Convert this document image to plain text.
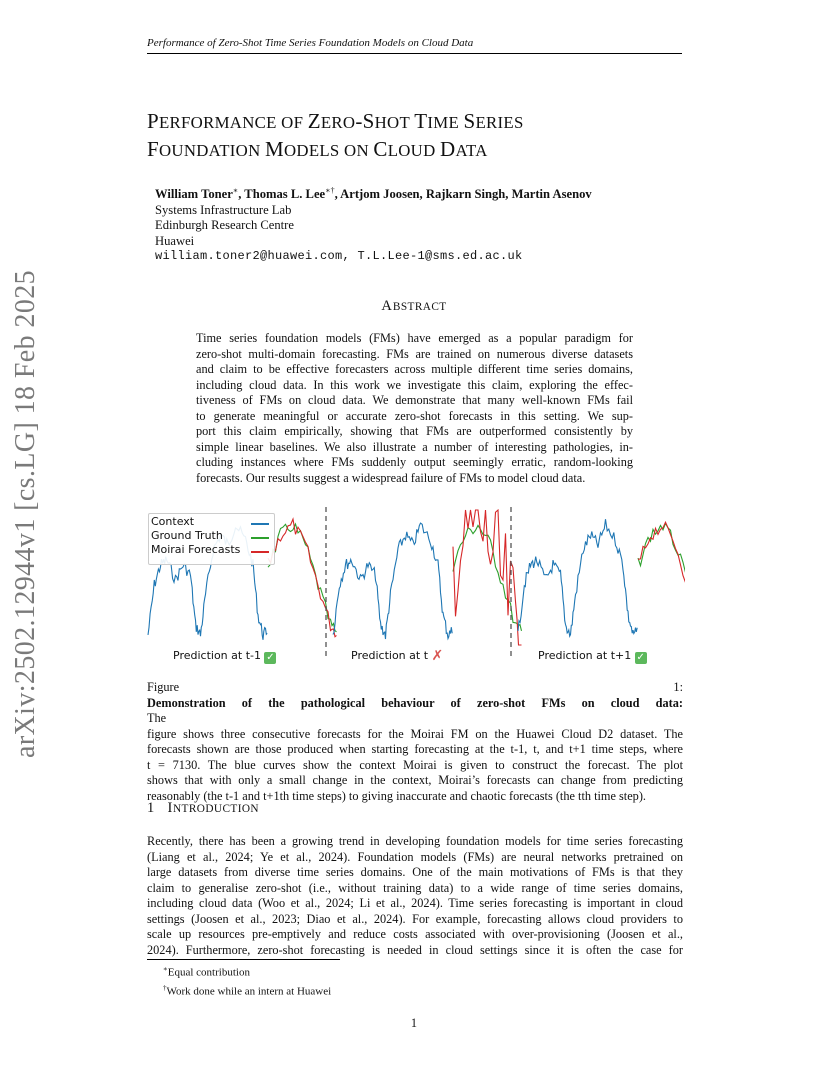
Performance of Zero-Shot Time Series Foundation Models on Cloud Data
PERFORMANCE OF ZERO-SHOT TIME SERIES
FOUNDATION MODELS ON CLOUD DATA
William Toner∗, Thomas L. Lee∗†, Artjom Joosen, Rajkarn Singh, Martin Asenov
Systems Infrastructure Lab
Edinburgh Research Centre
Huawei
william.toner2@huawei.com, T.L.Lee-1@sms.ed.ac.uk
arXiv:2502.12944v1 [cs.LG] 18 Feb 2025	ABSTRACT
Time series foundation models (FMs) have emerged as a popular paradigm for
zero-shot multi-domain forecasting. FMs are trained on numerous diverse datasets
and claim to be effective forecasters across multiple different time series domains,
including cloud data. In this work we investigate this claim, exploring the effec-
tiveness of FMs on cloud data. We demonstrate that many well-known FMs fail
to generate meaningful or accurate zero-shot forecasts in this setting. We sup-
port this claim empirically, showing that FMs are outperformed consistently by
simple linear baselines. We also illustrate a number of interesting pathologies, in-
cluding instances where FMs suddenly output seemingly erratic, random-looking
forecasts. Our results suggest a widespread failure of FMs to model cloud data.
Context
Ground Truth
Moirai Forecasts
Prediction at t-1 ✓	Prediction at t ✗	Prediction at t+1 ✓
Figure 1:
Demonstration of the pathological behaviour of zero-shot FMs on cloud data:
The
figure shows three consecutive forecasts for the Moirai FM on the Huawei Cloud D2 dataset. The
forecasts shown are those produced when starting forecasting at the t-1, t, and t+1 time steps, where
t = 7130. The blue curves show the context Moirai is given to construct the forecast. The plot
shows that with only a small change in the context, Moirai’s forecasts can change from predicting
reasonably (the t-1 and t+1th time steps) to giving inaccurate and chaotic forecasts (the tth time step).
1 INTRODUCTION
Recently, there has been a growing trend in developing foundation models for time series forecasting
(Liang et al., 2024; Ye et al., 2024). Foundation models (FMs) are neural networks pretrained on
large datasets from diverse time series domains. One of the main motivations of FMs is that they
claim to generalise zero-shot (i.e., without training data) to a wide range of time series domains,
including cloud data (Woo et al., 2024; Li et al., 2024). Time series forecasting is important in cloud
settings (Joosen et al., 2023; Diao et al., 2024). For example, forecasting allows cloud providers to
scale up resources pre-emptively and reduce costs associated with over-provisioning (Joosen et al.,
2024). Furthermore, zero-shot forecasting is needed in cloud settings since it is often the case for
∗Equal contribution
†Work done while an intern at Huawei
1
